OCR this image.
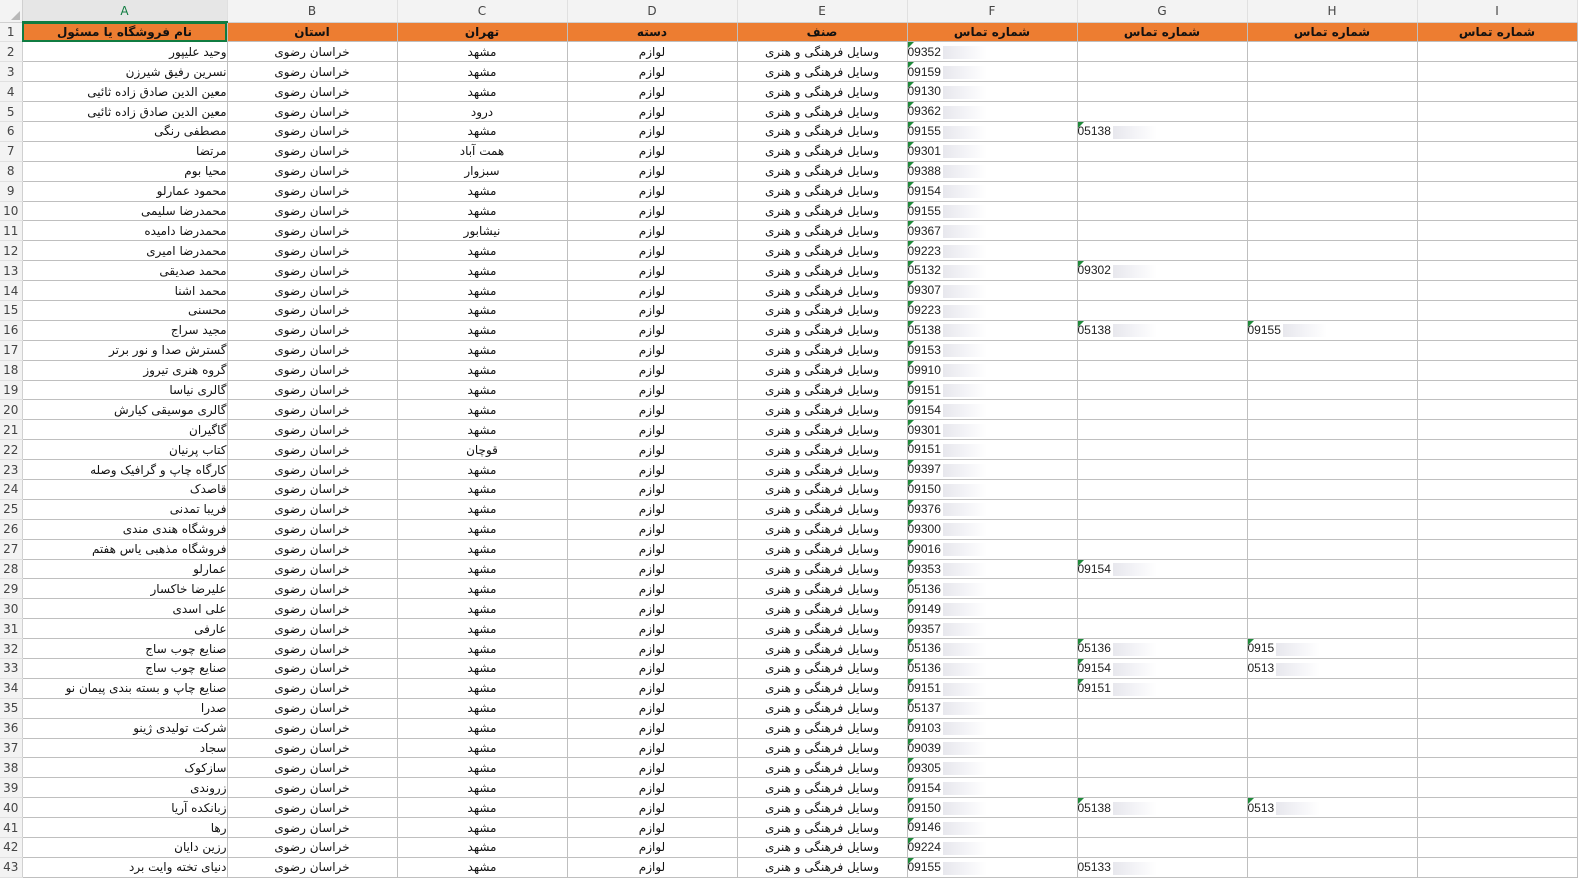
	A	B	C	D	E	F	G	H	I
1	نام فروشگاه یا مسئول	استان	تهران	دسته	صنف	شماره تماس	شماره تماس	شماره تماس	شماره تماس
2	وحید علیپور	خراسان رضوی	مشهد	لوازم	وسایل فرهنگی و هنری	09352			
3	نسرین رفیق شیرزن	خراسان رضوی	مشهد	لوازم	وسایل فرهنگی و هنری	09159			
4	معین الدین صادق زاده ثائیی	خراسان رضوی	مشهد	لوازم	وسایل فرهنگی و هنری	09130			
5	معین الدین صادق زاده ثائیی	خراسان رضوی	درود	لوازم	وسایل فرهنگی و هنری	09362			
6	مصطفی رنگی	خراسان رضوی	مشهد	لوازم	وسایل فرهنگی و هنری	09155	05138		
7	مرتضا	خراسان رضوی	همت آباد	لوازم	وسایل فرهنگی و هنری	09301			
8	محیا بوم	خراسان رضوی	سبزوار	لوازم	وسایل فرهنگی و هنری	09388			
9	محمود عمارلو	خراسان رضوی	مشهد	لوازم	وسایل فرهنگی و هنری	09154			
10	محمدرضا سلیمی	خراسان رضوی	مشهد	لوازم	وسایل فرهنگی و هنری	09155			
11	محمدرضا دامیده	خراسان رضوی	نیشابور	لوازم	وسایل فرهنگی و هنری	09367			
12	محمدرضا امیری	خراسان رضوی	مشهد	لوازم	وسایل فرهنگی و هنری	09223			
13	محمد صدیقی	خراسان رضوی	مشهد	لوازم	وسایل فرهنگی و هنری	05132	09302		
14	محمد اشنا	خراسان رضوی	مشهد	لوازم	وسایل فرهنگی و هنری	09307			
15	محسنی	خراسان رضوی	مشهد	لوازم	وسایل فرهنگی و هنری	09223			
16	مجید سراج	خراسان رضوی	مشهد	لوازم	وسایل فرهنگی و هنری	05138	05138	09155	
17	گسترش صدا و نور برتر	خراسان رضوی	مشهد	لوازم	وسایل فرهنگی و هنری	09153			
18	گروه هنری تیروز	خراسان رضوی	مشهد	لوازم	وسایل فرهنگی و هنری	09910			
19	گالری نیاسا	خراسان رضوی	مشهد	لوازم	وسایل فرهنگی و هنری	09151			
20	گالری موسیقی کیارش	خراسان رضوی	مشهد	لوازم	وسایل فرهنگی و هنری	09154			
21	گاگیران	خراسان رضوی	مشهد	لوازم	وسایل فرهنگی و هنری	09301			
22	کتاب پرنیان	خراسان رضوی	قوچان	لوازم	وسایل فرهنگی و هنری	09151			
23	کارگاه چاپ و گرافیک وصله	خراسان رضوی	مشهد	لوازم	وسایل فرهنگی و هنری	09397			
24	قاصدک	خراسان رضوی	مشهد	لوازم	وسایل فرهنگی و هنری	09150			
25	فریبا تمدنی	خراسان رضوی	مشهد	لوازم	وسایل فرهنگی و هنری	09376			
26	فروشگاه هندی مندی	خراسان رضوی	مشهد	لوازم	وسایل فرهنگی و هنری	09300			
27	فروشگاه مذهبی یاس هفتم	خراسان رضوی	مشهد	لوازم	وسایل فرهنگی و هنری	09016			
28	عمارلو	خراسان رضوی	مشهد	لوازم	وسایل فرهنگی و هنری	09353	09154		
29	علیرضا خاکسار	خراسان رضوی	مشهد	لوازم	وسایل فرهنگی و هنری	05136			
30	علی اسدی	خراسان رضوی	مشهد	لوازم	وسایل فرهنگی و هنری	09149			
31	عارفی	خراسان رضوی	مشهد	لوازم	وسایل فرهنگی و هنری	09357			
32	صنایع چوب ساج	خراسان رضوی	مشهد	لوازم	وسایل فرهنگی و هنری	05136	05136	0915	
33	صنایع چوب ساج	خراسان رضوی	مشهد	لوازم	وسایل فرهنگی و هنری	05136	09154	0513	
34	صنایع چاپ و بسته بندی پیمان نو	خراسان رضوی	مشهد	لوازم	وسایل فرهنگی و هنری	09151	09151		
35	صدرا	خراسان رضوی	مشهد	لوازم	وسایل فرهنگی و هنری	05137			
36	شرکت تولیدی ژینو	خراسان رضوی	مشهد	لوازم	وسایل فرهنگی و هنری	09103			
37	سجاد	خراسان رضوی	مشهد	لوازم	وسایل فرهنگی و هنری	09039			
38	سازکوک	خراسان رضوی	مشهد	لوازم	وسایل فرهنگی و هنری	09305			
39	زروندی	خراسان رضوی	مشهد	لوازم	وسایل فرهنگی و هنری	09154			
40	زبانکده آریا	خراسان رضوی	مشهد	لوازم	وسایل فرهنگی و هنری	09150	05138	0513	
41	رها	خراسان رضوی	مشهد	لوازم	وسایل فرهنگی و هنری	09146			
42	رزین دایان	خراسان رضوی	مشهد	لوازم	وسایل فرهنگی و هنری	09224			
43	دنیای تخته وایت برد	خراسان رضوی	مشهد	لوازم	وسایل فرهنگی و هنری	09155	05133		
